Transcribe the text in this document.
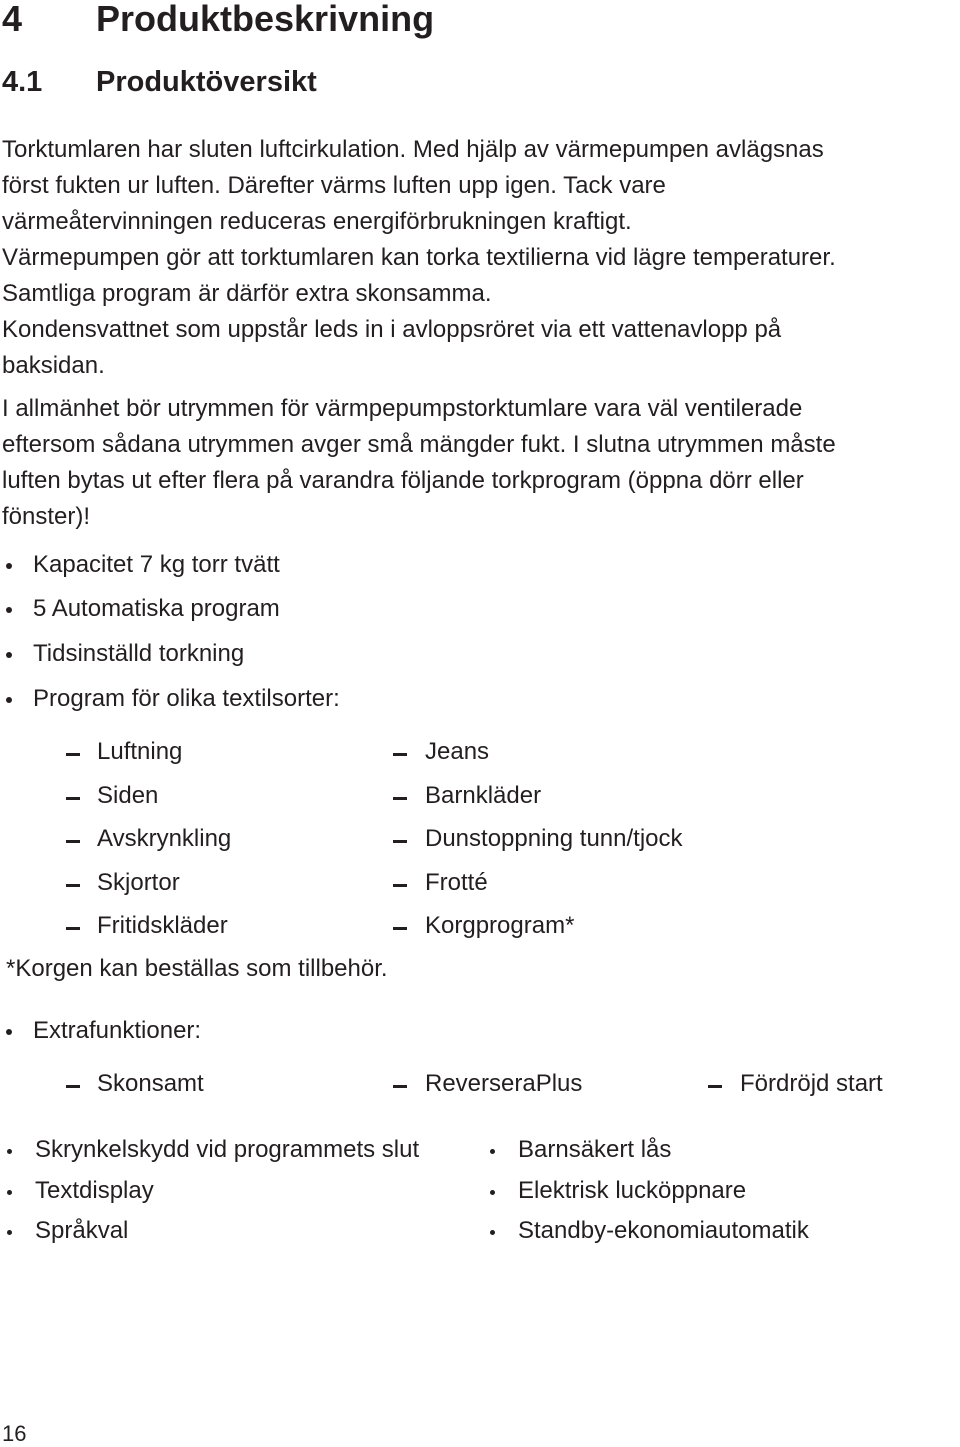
4 Produktbeskrivning
4.1 Produktöversikt
Torktumlaren har sluten luftcirkulation. Med hjälp av värmepumpen avlägsnas
först fukten ur luften. Därefter värms luften upp igen. Tack vare
värmeåtervinningen reduceras energiförbrukningen kraftigt.
Värmepumpen gör att torktumlaren kan torka textilierna vid lägre temperaturer.
Samtliga program är därför extra skonsamma.
Kondensvattnet som uppstår leds in i avloppsröret via ett vattenavlopp på
baksidan.
I allmänhet bör utrymmen för värmpepumpstorktumlare vara väl ventilerade
eftersom sådana utrymmen avger små mängder fukt. I slutna utrymmen måste
luften bytas ut efter flera på varandra följande torkprogram (öppna dörr eller
fönster)!
Kapacitet 7 kg torr tvätt
5 Automatiska program
Tidsinställd torkning
Program för olika textilsorter:
Luftning
Siden
Avskrynkling
Skjortor
Fritidskläder
Jeans
Barnkläder
Dunstoppning tunn/tjock
Frotté
Korgprogram*
*Korgen kan beställas som tillbehör.
Extrafunktioner:
Skonsamt	ReverseraPlus	Fördröjd start
Skrynkelskydd vid programmets slut
Textdisplay
Språkval
Barnsäkert lås
Elektrisk lucköppnare
Standby-ekonomiautomatik
16
